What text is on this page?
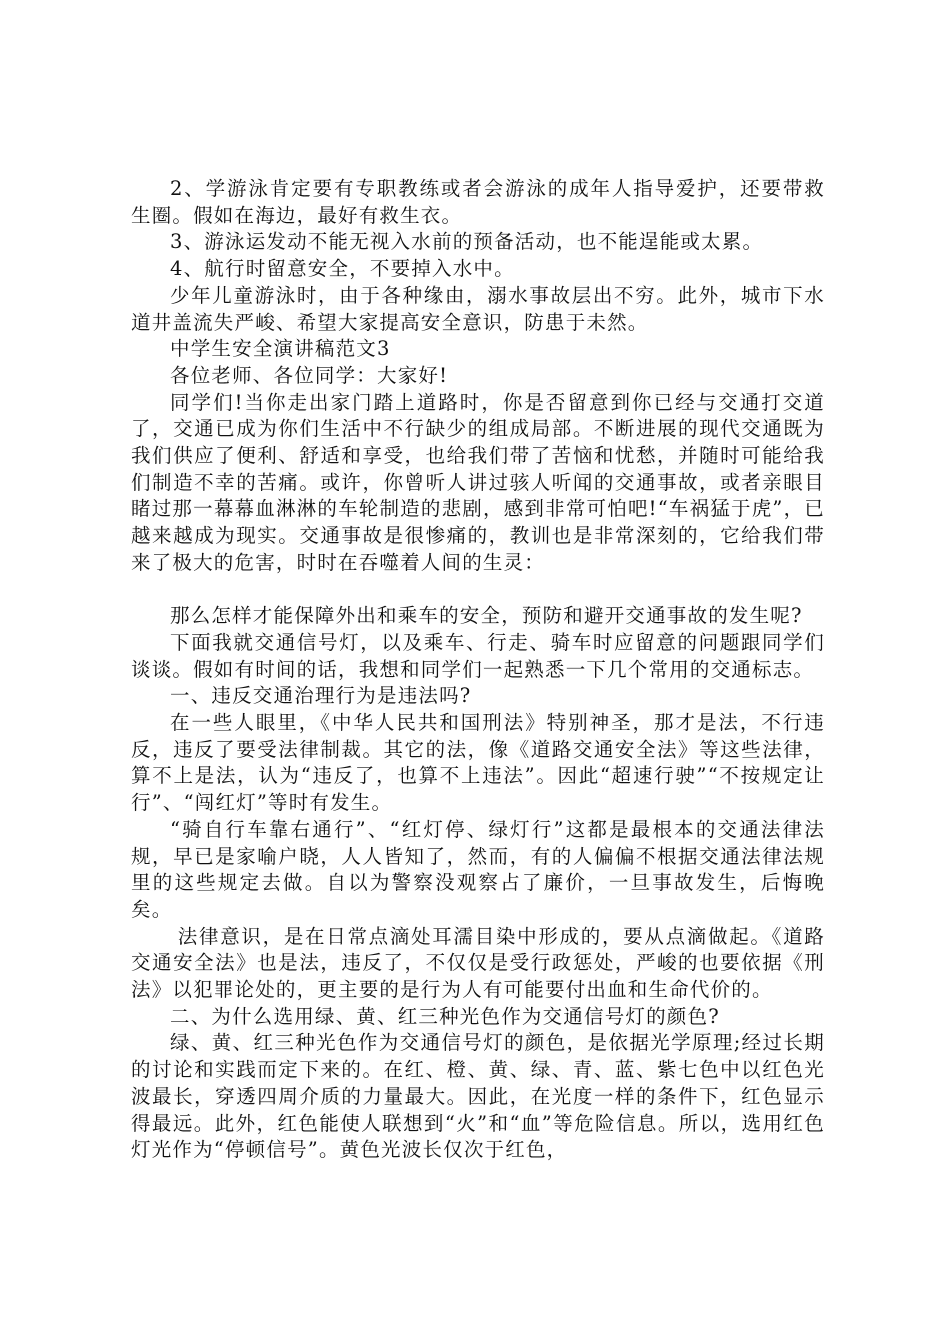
2、学游泳肯定要有专职教练或者会游泳的成年人指导爱护，还要带救生圈。假如在海边，最好有救生衣。

3、游泳运发动不能无视入水前的预备活动，也不能逞能或太累。

4、航行时留意安全，不要掉入水中。

少年儿童游泳时，由于各种缘由，溺水事故层出不穷。此外，城市下水道井盖流失严峻、希望大家提高安全意识，防患于未然。

中学生安全演讲稿范文3

各位老师、各位同学：大家好!

同学们!当你走出家门踏上道路时，你是否留意到你已经与交通打交道了，交通已成为你们生活中不行缺少的组成局部。不断进展的现代交通既为我们供应了便利、舒适和享受，也给我们带了苦恼和忧愁，并随时可能给我们制造不幸的苦痛。或许，你曾听人讲过骇人听闻的交通事故，或者亲眼目睹过那一幕幕血淋淋的车轮制造的悲剧，感到非常可怕吧!“车祸猛于虎”，已越来越成为现实。交通事故是很惨痛的，教训也是非常深刻的，它给我们带来了极大的危害，时时在吞噬着人间的生灵：

那么怎样才能保障外出和乘车的安全，预防和避开交通事故的发生呢?

下面我就交通信号灯，以及乘车、行走、骑车时应留意的问题跟同学们谈谈。假如有时间的话，我想和同学们一起熟悉一下几个常用的交通标志。

一、违反交通治理行为是违法吗?

在一些人眼里，《中华人民共和国刑法》特别神圣，那才是法，不行违反，违反了要受法律制裁。其它的法，像《道路交通安全法》等这些法律，算不上是法，认为“违反了，也算不上违法”。因此“超速行驶”“不按规定让行”、“闯红灯”等时有发生。

“骑自行车靠右通行”、“红灯停、绿灯行”这都是最根本的交通法律法规，早已是家喻户晓，人人皆知了，然而，有的人偏偏不根据交通法律法规里的这些规定去做。自以为警察没观察占了廉价，一旦事故发生，后悔晚矣。

法律意识，是在日常点滴处耳濡目染中形成的，要从点滴做起。《道路交通安全法》也是法，违反了，不仅仅是受行政惩处，严峻的也要依据《刑法》以犯罪论处的，更主要的是行为人有可能要付出血和生命代价的。

二、为什么选用绿、黄、红三种光色作为交通信号灯的颜色?

绿、黄、红三种光色作为交通信号灯的颜色，是依据光学原理;经过长期的讨论和实践而定下来的。在红、橙、黄、绿、青、蓝、紫七色中以红色光波最长，穿透四周介质的力量最大。因此，在光度一样的条件下，红色显示得最远。此外，红色能使人联想到“火”和“血”等危险信息。所以，选用红色灯光作为“停顿信号”。黄色光波长仅次于红色，
